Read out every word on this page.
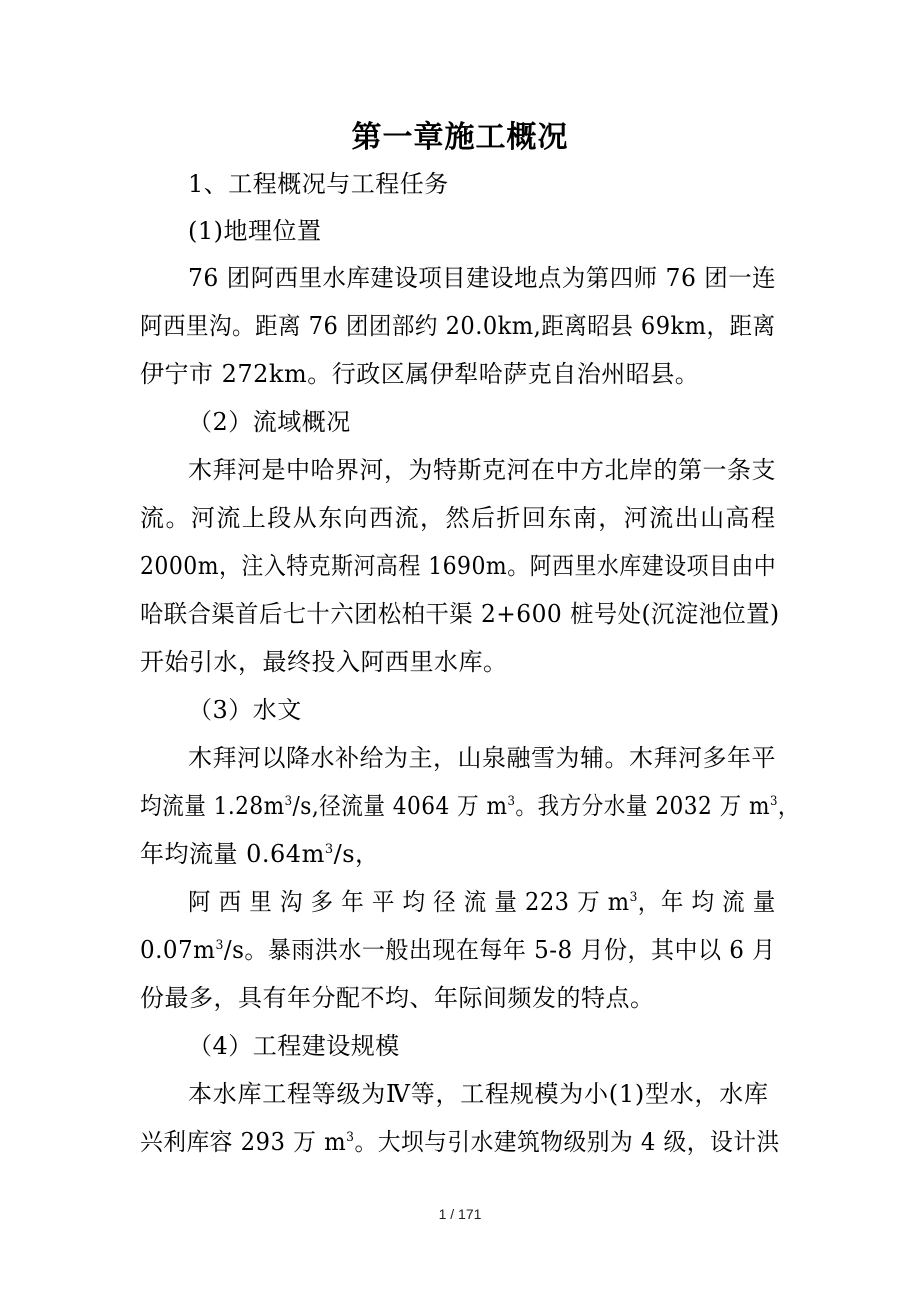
第一章施工概况
1、工程概况与工程任务
(1)地理位置
76 团阿西里水库建设项目建设地点为第四师 76 团一连
阿西里沟。距离 76 团团部约 20.0km,距离昭县 69km，距离
伊宁市 272km。行政区属伊犁哈萨克自治州昭县。
（2）流域概况
木拜河是中哈界河，为特斯克河在中方北岸的第一条支
流。河流上段从东向西流，然后折回东南，河流出山高程
2000m，注入特克斯河高程 1690m。阿西里水库建设项目由中
哈联合渠首后七十六团松柏干渠 2+600 桩号处(沉淀池位置)
开始引水，最终投入阿西里水库。
（3）水文
木拜河以降水补给为主，山泉融雪为辅。木拜河多年平
均流量 $1.28m^3/s$,径流量 4064 万 $m^3$。我方分水量 2032 万 $m^3$，
年均流量 $0.64m^3/s$，
阿 西 里 沟 多 年 平 均 径 流 量 223 万 $m^3$，年 均 流 量
$0.07m^3/s$。暴雨洪水一般出现在每年 5-8 月份，其中以 6 月
份最多，具有年分配不均、年际间频发的特点。
（4）工程建设规模
本水库工程等级为Ⅳ等，工程规模为小(1)型水，水库
兴利库容 293 万 $m^3$。大坝与引水建筑物级别为 4 级，设计洪
1 / 171
